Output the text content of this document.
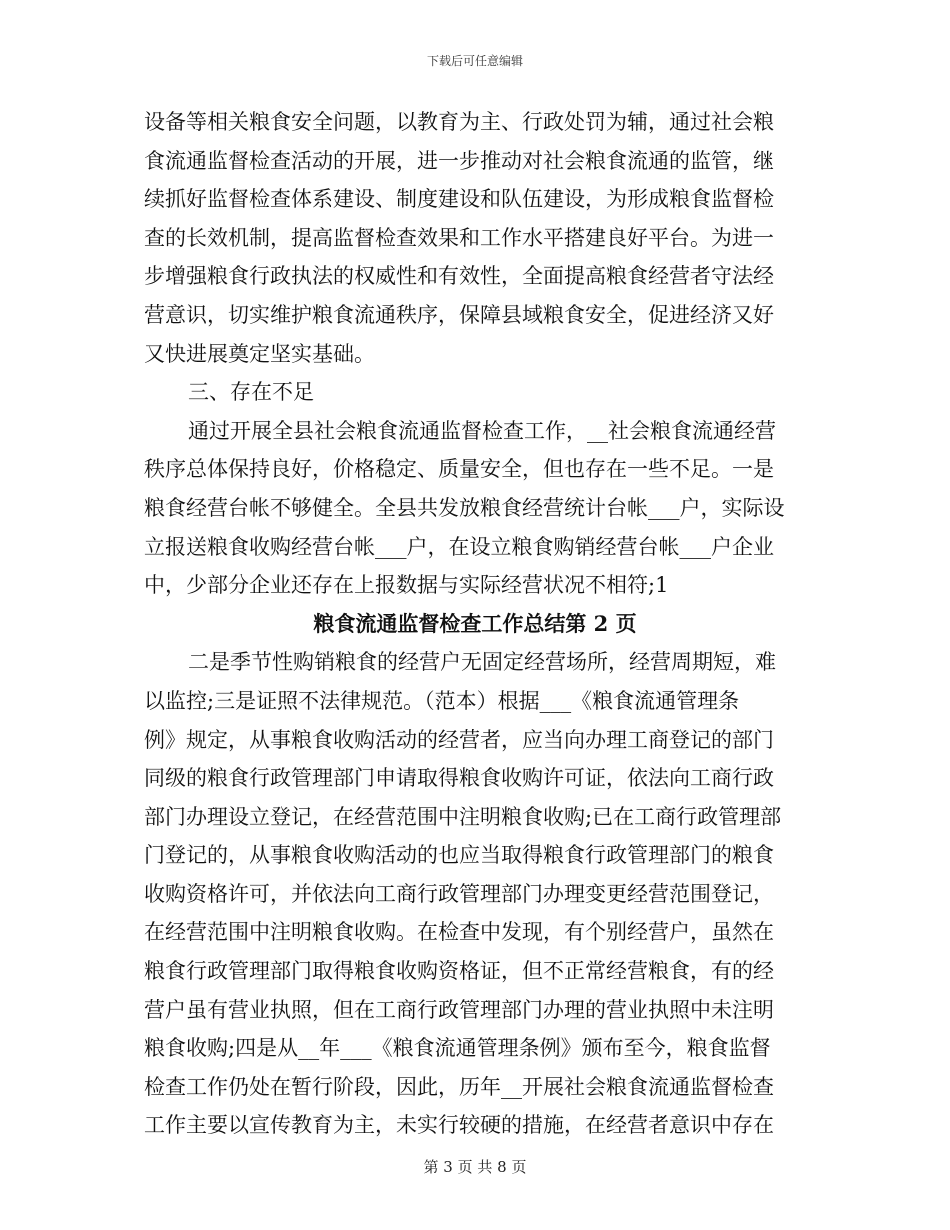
下载后可任意编辑
设备等相关粮食安全问题，以教育为主、行政处罚为辅，通过社会粮
食流通监督检查活动的开展，进一步推动对社会粮食流通的监管，继
续抓好监督检查体系建设、制度建设和队伍建设，为形成粮食监督检
查的长效机制，提高监督检查效果和工作水平搭建良好平台。为进一
步增强粮食行政执法的权威性和有效性，全面提高粮食经营者守法经
营意识，切实维护粮食流通秩序，保障县域粮食安全，促进经济又好
又快进展奠定坚实基础。
三、存在不足
通过开展全县社会粮食流通监督检查工作，__社会粮食流通经营
秩序总体保持良好，价格稳定、质量安全，但也存在一些不足。一是
粮食经营台帐不够健全。全县共发放粮食经营统计台帐___户，实际设
立报送粮食收购经营台帐___户，在设立粮食购销经营台帐___户企业
中，少部分企业还存在上报数据与实际经营状况不相符;1
粮食流通监督检查工作总结第 2 页
二是季节性购销粮食的经营户无固定经营场所，经营周期短，难
以监控;三是证照不法律规范。（范本）根据___《粮食流通管理条
例》规定，从事粮食收购活动的经营者，应当向办理工商登记的部门
同级的粮食行政管理部门申请取得粮食收购许可证，依法向工商行政
部门办理设立登记，在经营范围中注明粮食收购;已在工商行政管理部
门登记的，从事粮食收购活动的也应当取得粮食行政管理部门的粮食
收购资格许可，并依法向工商行政管理部门办理变更经营范围登记，
在经营范围中注明粮食收购。在检查中发现，有个别经营户，虽然在
粮食行政管理部门取得粮食收购资格证，但不正常经营粮食，有的经
营户虽有营业执照，但在工商行政管理部门办理的营业执照中未注明
粮食收购;四是从__年___《粮食流通管理条例》颁布至今，粮食监督
检查工作仍处在暂行阶段，因此，历年__开展社会粮食流通监督检查
工作主要以宣传教育为主，未实行较硬的措施，在经营者意识中存在
第 3 页 共 8 页
